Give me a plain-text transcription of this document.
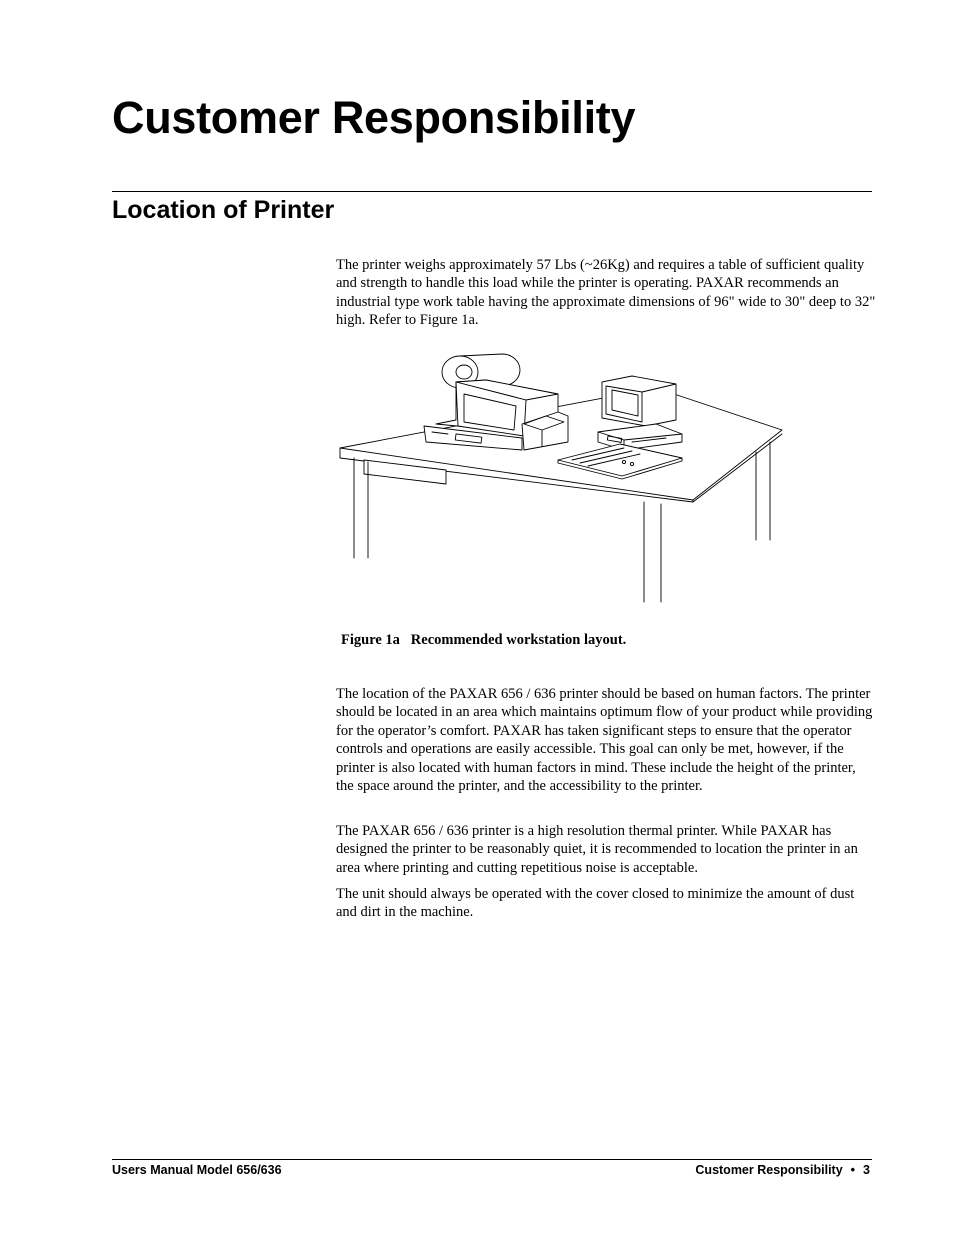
Customer Responsibility
Location of Printer

The printer weighs approximately 57 Lbs (~26Kg) and requires a table of sufficient quality and strength to handle this load while the printer is operating. PAXAR recommends an industrial type work table having the approximate dimensions of 96" wide to 30" deep to 32" high. Refer to Figure 1a.

Figure 1a   Recommended workstation layout.

The location of the PAXAR 656 / 636 printer should be based on human factors. The printer should be located in an area which maintains optimum flow of your product while providing for the operator’s comfort. PAXAR has taken significant steps to ensure that the operator controls and operations are easily accessible. This goal can only be met, however, if the printer is also located with human factors in mind. These include the height of the printer, the space around the printer, and the accessibility to the printer.

The PAXAR 656 / 636 printer is a high resolution thermal printer. While PAXAR has designed the printer to be reasonably quiet, it is recommended to location the printer in an area where printing and cutting repetitious noise is acceptable.

The unit should always be operated with the cover closed to minimize the amount of dust and dirt in the machine.

Users Manual Model 656/636	Customer Responsibility • 3
